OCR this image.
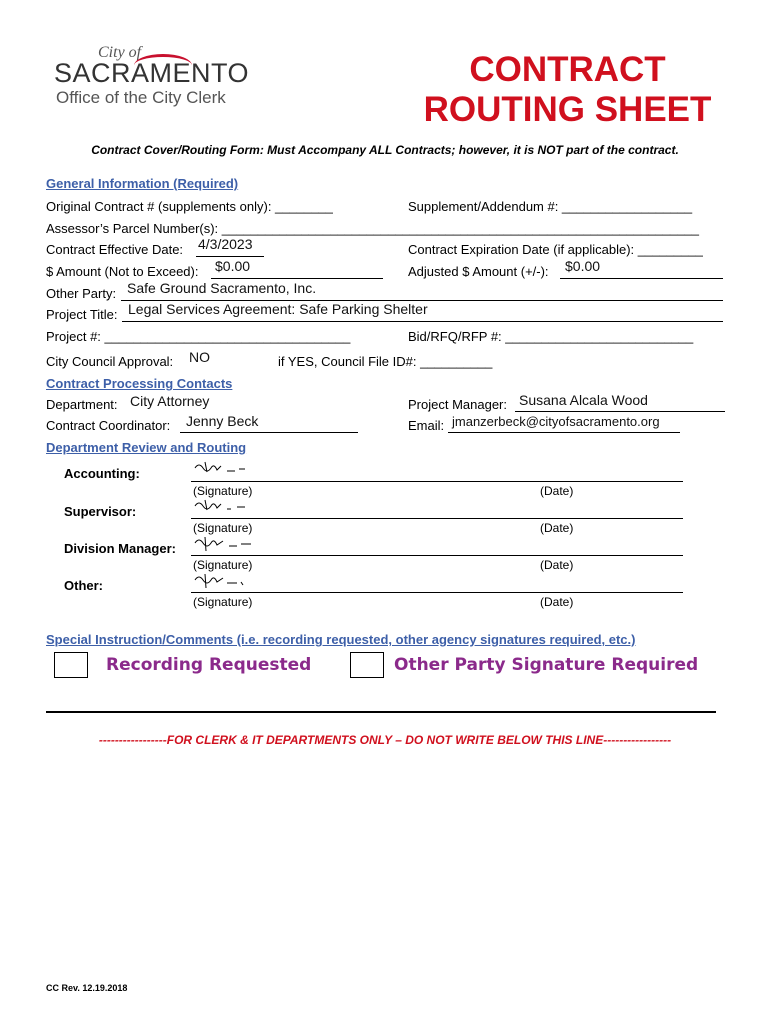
City of
SACRAMENTO
Office of the City Clerk
CONTRACT
ROUTING SHEET
Contract Cover/Routing Form: Must Accompany ALL Contracts; however, it is NOT part of the contract.
General Information (Required)
Original Contract # (supplements only): ________	Supplement/Addendum #: __________________
Assessor’s Parcel Number(s): __________________________________________________________________
Contract Effective Date: 4/3/2023	Contract Expiration Date (if applicable): _________
$ Amount (Not to Exceed): $0.00	Adjusted $ Amount (+/-): $0.00
Other Party: Safe Ground Sacramento, Inc.
Project Title: Legal Services Agreement: Safe Parking Shelter
Project #: __________________________________	Bid/RFQ/RFP #: __________________________
City Council Approval: NO	if YES, Council File ID#: __________
Contract Processing Contacts
Department: City Attorney	Project Manager: Susana Alcala Wood
Contract Coordinator: Jenny Beck	Email: jmanzerbeck@cityofsacramento.org
Department Review and Routing
Accounting:
(Signature)	(Date)
Supervisor:
(Signature)	(Date)
Division Manager:
(Signature)	(Date)
Other:
(Signature)	(Date)
Special Instruction/Comments (i.e. recording requested, other agency signatures required, etc.)
Recording Requested	Other Party Signature Required
-----------------FOR CLERK & IT DEPARTMENTS ONLY – DO NOT WRITE BELOW THIS LINE-----------------
CC Rev. 12.19.2018
